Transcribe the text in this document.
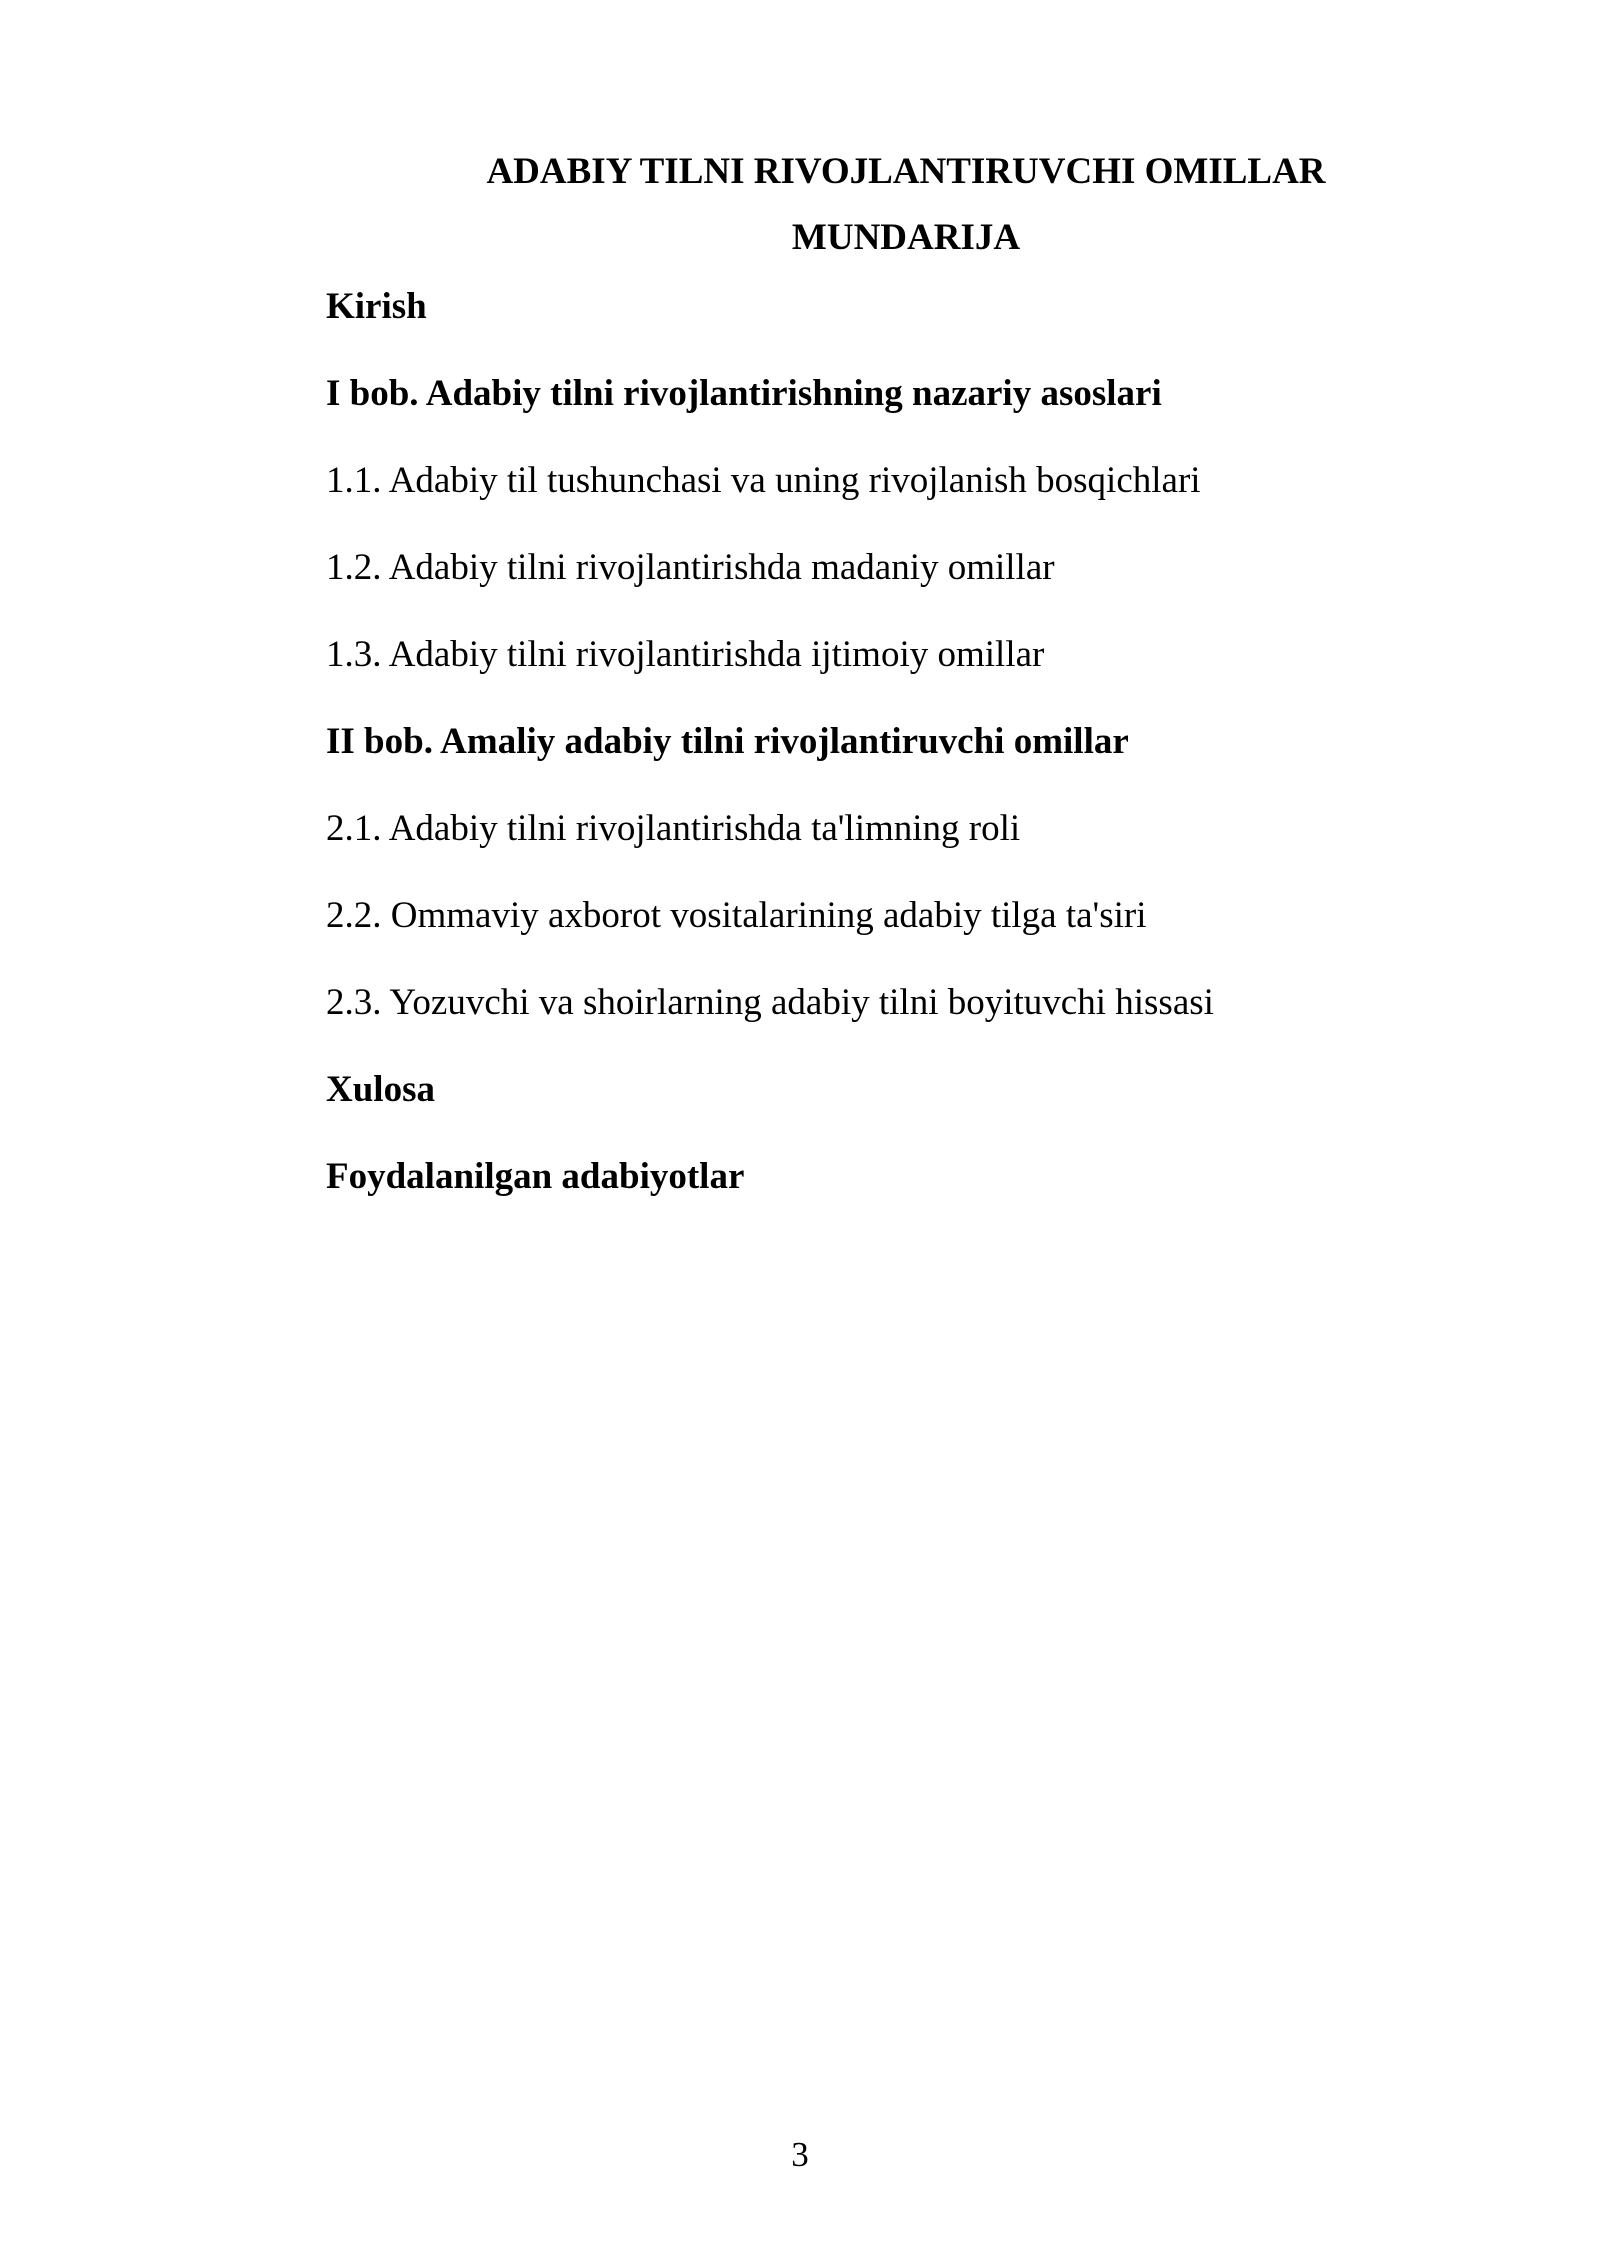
ADABIY TILNI RIVOJLANTIRUVCHI OMILLAR
MUNDARIJA
Kirish
I bob. Adabiy tilni rivojlantirishning nazariy asoslari
1.1. Adabiy til tushunchasi va uning rivojlanish bosqichlari
1.2. Adabiy tilni rivojlantirishda madaniy omillar
1.3. Adabiy tilni rivojlantirishda ijtimoiy omillar
II bob. Amaliy adabiy tilni rivojlantiruvchi omillar
2.1. Adabiy tilni rivojlantirishda ta'limning roli
2.2. Ommaviy axborot vositalarining adabiy tilga ta'siri
2.3. Yozuvchi va shoirlarning adabiy tilni boyituvchi hissasi
Xulosa
Foydalanilgan adabiyotlar
3
